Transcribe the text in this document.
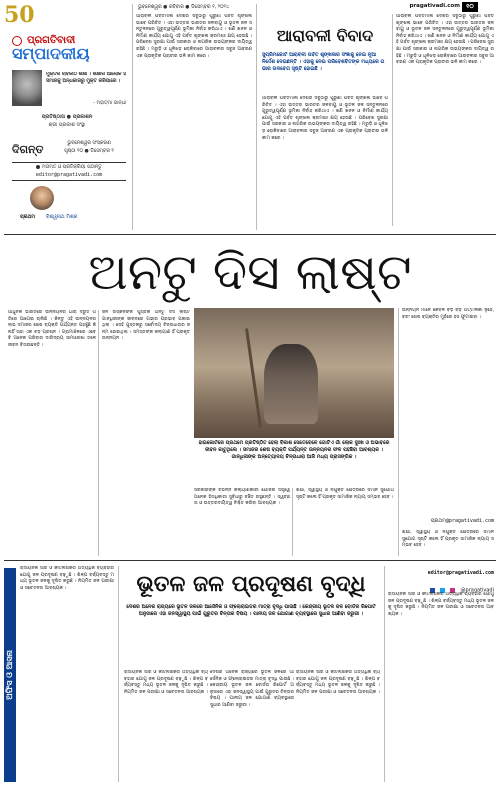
50
ପ୍ରଗତିବାଦୀ
ସମ୍ପାଦକୀୟ
ମୁକ୍ତିର ଚାବିକାଠି ଶିକ୍ଷା । ଶିକ୍ଷାର ଆଲୋକ ହିଁ ସମାଜକୁ ଅନ୍ଧକାରରୁ ମୁକ୍ତ କରିପାରେ ।
- ମହାତ୍ମା ଗାନ୍ଧୀ
ପ୍ରତିଷ୍ଠାତା ● ପ୍ରକାଶନ
ଶ୍ରୀ ପ୍ରକାଶ ସଂସ୍ଥା
ଦିଗନ୍ତ	ଭୁବନେଶ୍ୱର ସଂସ୍କରଣ
ପୃଷ୍ଠା ୧୦ ● ଡିସେମ୍ବର ୧
ମତାମତ ଓ ପ୍ରତିକ୍ରିୟା ପଠାନ୍ତୁ
editor@pragativadi.com
ପ୍ରଥମ	ବିଶ୍ୱନାଥ ମିଶ୍ର
ଭୁବନେଶ୍ୱର ● ରବିବାର ● ଡିସେମ୍ବର ୧, ୨୦୨୪
ଆରାବଳୀ ପର୍ବତମାଳା ଦେଶର ସବୁଠାରୁ ପୁରୁଣା ପର୍ବତ ଶୃଙ୍ଖଳା ଭାବେ ପରିଚିତ । ଏହା ଉତ୍ତର ଭାରତର ଜଳବାୟୁ ଓ ଭୂତଳ ଜଳ ସନ୍ତୁଳନରେ ଗୁରୁତ୍ୱପୂର୍ଣ୍ଣ ଭୂମିକା ନିର୍ବାହ କରିଥାଏ । ଖଣି ଖନନ ଓ ନିର୍ମାଣ କାର୍ଯ୍ୟ ଯୋଗୁ ଏହି ପର୍ବତ ଶୃଙ୍ଖଳା କ୍ରମଶଃ କ୍ଷୟ ହେଉଛି । ପରିବେଶ ସୁରକ୍ଷା ପାଇଁ ସରକାର ଓ ନାଗରିକ ଉଭୟଙ୍କର ଦାୟିତ୍ୱ ରହିଛି । ମରୁଡ଼ି ଓ ଧୂଳିଝଡ଼ ରୋକିବାରେ ଆରାବଳୀର ସବୁଜ ଆବରଣ ଏକ ପ୍ରାକୃତିକ ପ୍ରାଚୀର ଭଳି କାମ କରେ ।
୧୦
pragativadi.com
ଆରାବଳୀ ବିବାଦ
ସୁପ୍ରିମକୋର୍ଟ ଆରାବଳୀ ପର୍ବତ ଶୃଙ୍ଖଳାର ସଂଜ୍ଞାକୁ ନେଇ ନୂଆ ନିର୍ଦ୍ଦେଶ ଦେଇଛନ୍ତି । ଏହାକୁ ନେଇ ପରିବେଶବିତଙ୍କ ମଧ୍ୟରେ ଗଭୀର ଉଦବେଗ ସୃଷ୍ଟି ହୋଇଛି ।
ଆରାବଳୀ ପର୍ବତମାଳା ଦେଶର ସବୁଠାରୁ ପୁରୁଣା ପର୍ବତ ଶୃଙ୍ଖଳା ଭାବେ ପରିଚିତ । ଏହା ଉତ୍ତର ଭାରତର ଜଳବାୟୁ ଓ ଭୂତଳ ଜଳ ସନ୍ତୁଳନରେ ଗୁରୁତ୍ୱପୂର୍ଣ୍ଣ ଭୂମିକା ନିର୍ବାହ କରିଥାଏ । ଖଣି ଖନନ ଓ ନିର୍ମାଣ କାର୍ଯ୍ୟ ଯୋଗୁ ଏହି ପର୍ବତ ଶୃଙ୍ଖଳା କ୍ରମଶଃ କ୍ଷୟ ହେଉଛି । ପରିବେଶ ସୁରକ୍ଷା ପାଇଁ ସରକାର ଓ ନାଗରିକ ଉଭୟଙ୍କର ଦାୟିତ୍ୱ ରହିଛି । ମରୁଡ଼ି ଓ ଧୂଳିଝଡ଼ ରୋକିବାରେ ଆରାବଳୀର ସବୁଜ ଆବରଣ ଏକ ପ୍ରାକୃତିକ ପ୍ରାଚୀର ଭଳି କାମ କରେ ।
ଆରାବଳୀ ପର୍ବତମାଳା ଦେଶର ସବୁଠାରୁ ପୁରୁଣା ପର୍ବତ ଶୃଙ୍ଖଳା ଭାବେ ପରିଚିତ । ଏହା ଉତ୍ତର ଭାରତର ଜଳବାୟୁ ଓ ଭୂତଳ ଜଳ ସନ୍ତୁଳନରେ ଗୁରୁତ୍ୱପୂର୍ଣ୍ଣ ଭୂମିକା ନିର୍ବାହ କରିଥାଏ । ଖଣି ଖନନ ଓ ନିର୍ମାଣ କାର୍ଯ୍ୟ ଯୋଗୁ ଏହି ପର୍ବତ ଶୃଙ୍ଖଳା କ୍ରମଶଃ କ୍ଷୟ ହେଉଛି । ପରିବେଶ ସୁରକ୍ଷା ପାଇଁ ସରକାର ଓ ନାଗରିକ ଉଭୟଙ୍କର ଦାୟିତ୍ୱ ରହିଛି । ମରୁଡ଼ି ଓ ଧୂଳିଝଡ଼ ରୋକିବାରେ ଆରାବଳୀର ସବୁଜ ଆବରଣ ଏକ ପ୍ରାକୃତିକ ପ୍ରାଚୀର ଭଳି କାମ କରେ ।
ଅନଟୁ ଦିସ ଲାଷ୍ଟ
ଆଧୁନିକ ଭାରତରେ ଉନ୍ନୟନର ଧାରା ଦ୍ରୁତ ଗତିରେ ଆଗେଇ ଚାଲିଛି । କିନ୍ତୁ ଏହି ଉନ୍ନୟନର ଲାଭ ସମାଜର ଶେଷ ବ୍ୟକ୍ତି ପର୍ଯ୍ୟନ୍ତ ପହଞ୍ଚୁଛି କି ନାହିଁ ତାହା ଏକ ବଡ଼ ପ୍ରଶ୍ନ । ଗ୍ରାମାଞ୍ଚଳରେ ଏବେ ବି ଅନେକ ପରିବାର ଦାରିଦ୍ର୍ୟ ସୀମାରେଖା ତଳେ ଜୀବନ ବିତାଉଛନ୍ତି ।
ଜନ ରସ୍କିନଙ୍କ ପୁସ୍ତକ ଅନଟୁ ଦିସ ଲାଷ୍ଟ ଗାନ୍ଧିଜୀଙ୍କ ଜୀବନରେ ଗଭୀର ପ୍ରଭାବ ପକାଇଥିଲା । ସେହି ପୁସ୍ତକରୁ ସର୍ବୋଦୟ ଚିନ୍ତାଧାରାର ଜନ୍ମ ହୋଇଥିଲା । ସମସ୍ତଙ୍କ କଲ୍ୟାଣ ହିଁ ପ୍ରକୃତ ଉନ୍ନୟନ ।
ହାଇକୋର୍ଟରେ ପ୍ରଥମେ ପ୍ରତିଷ୍ଠିତ ହେଲା ବିକାଶ ସେତେବେଳେ ଗୋଟିଏ ଗାଁ ଲୋକ ଦୁଃଖ ଓ ଅଭାବରେ ଜୀବନ କାଟୁଥିଲେ । ସମାଜର ଶେଷ ବ୍ୟକ୍ତି ପର୍ଯ୍ୟନ୍ତ ଉନ୍ନୟନର ଫଳ ପହଞ୍ଚିବା ଆବଶ୍ୟକ । ଗାନ୍ଧିଜୀଙ୍କ ଅନ୍ତ୍ୟୋଦୟ ଚିନ୍ତାଧାରା ଆଜି ମଧ୍ୟ ପ୍ରାସଙ୍ଗିକ ।
ସରକାରଙ୍କ ବିଭିନ୍ନ କଲ୍ୟାଣକାରୀ ଯୋଜନା ସତ୍ତ୍ୱେ ଅନେକ ହିତାଧିକାରୀ ସୁବିଧାରୁ ବଞ୍ଚିତ ରହୁଛନ୍ତି । ସ୍ୱଚ୍ଛତା ଓ ଉତ୍ତରଦାୟିତ୍ୱ ନିଶ୍ଚିତ କରିବା ଆବଶ୍ୟକ ।
ଶିକ୍ଷା, ସ୍ୱାସ୍ଥ୍ୟ ଓ ନିଯୁକ୍ତି କ୍ଷେତ୍ରରେ ସମାନ ସୁଯୋଗ ସୃଷ୍ଟି କଲେ ହିଁ ପ୍ରକୃତ ସାମାଜିକ ନ୍ୟାୟ ସମ୍ଭବ ହେବ ।
ଉନ୍ନୟନ ମାନେ କେବଳ ବଡ଼ ବଡ଼ ଅଟ୍ଟାଳିକା ନୁହେଁ, ବରଂ ଶେଷ ବ୍ୟକ୍ତିର ମୁହଁରେ ହସ ଫୁଟାଇବା ।
ପ୍ରଥମ@pragativadi.com
ଶିକ୍ଷା, ସ୍ୱାସ୍ଥ୍ୟ ଓ ନିଯୁକ୍ତି କ୍ଷେତ୍ରରେ ସମାନ ସୁଯୋଗ ସୃଷ୍ଟି କଲେ ହିଁ ପ୍ରକୃତ ସାମାଜିକ ନ୍ୟାୟ ସମ୍ଭବ ହେବ ।
ଅଫିସ ଓ ଆସନା
ରାସାୟନିକ ସାର ଓ କୀଟନାଶକର ଅତ୍ୟଧିକ ବ୍ୟବହାର ଯୋଗୁ ଜଳ ପ୍ରଦୂଷଣ ବଢ଼ୁଛି । ଶିଳ୍ପ ବର୍ଜ୍ୟବସ୍ତୁ ମଧ୍ୟ ଭୂତଳ ଜଳକୁ ଦୂଷିତ କରୁଛି । ନିୟମିତ ଜଳ ପରୀକ୍ଷା ଓ ସଚେତନତା ଆବଶ୍ୟକ ।	ଭୂତଳ ଜଳ ପ୍ରଦୂଷଣ ବୃଦ୍ଧି
ଦେଶର ଅନେକ ରାଜ୍ୟରେ ଭୂତଳ ଜଳରେ ଆର୍ସେନିକ ଓ ଫ୍ଲୋରାଇଡର ମାତ୍ରା ବୃଦ୍ଧି ପାଉଛି । କେନ୍ଦ୍ରୀୟ ଭୂତଳ ଜଳ ବୋର୍ଡର ରିପୋର୍ଟ ଅନୁସାରେ ଏହା ଜନସ୍ୱାସ୍ଥ୍ୟ ପାଇଁ ଗୁରୁତର ଚିନ୍ତାର ବିଷୟ । ପାନୀୟ ଜଳ ଯୋଗାଣ ବ୍ୟବସ୍ଥାରେ ସୁଧାର ଆଣିବା ଜରୁରୀ ।
ରାସାୟନିକ ସାର ଓ କୀଟନାଶକର ଅତ୍ୟଧିକ ବ୍ୟବହାର ଯୋଗୁ ଜଳ ପ୍ରଦୂଷଣ ବଢ଼ୁଛି । ଶିଳ୍ପ ବର୍ଜ୍ୟବସ୍ତୁ ମଧ୍ୟ ଭୂତଳ ଜଳକୁ ଦୂଷିତ କରୁଛି । ନିୟମିତ ଜଳ ପରୀକ୍ଷା ଓ ସଚେତନତା ଆବଶ୍ୟକ ।
ଦେଶର ଅନେକ ରାଜ୍ୟରେ ଭୂତଳ ଜଳରେ ଆର୍ସେନିକ ଓ ଫ୍ଲୋରାଇଡର ମାତ୍ରା ବୃଦ୍ଧି ପାଉଛି । କେନ୍ଦ୍ରୀୟ ଭୂତଳ ଜଳ ବୋର୍ଡର ରିପୋର୍ଟ ଅନୁସାରେ ଏହା ଜନସ୍ୱାସ୍ଥ୍ୟ ପାଇଁ ଗୁରୁତର ଚିନ୍ତାର ବିଷୟ । ପାନୀୟ ଜଳ ଯୋଗାଣ ବ୍ୟବସ୍ଥାରେ ସୁଧାର ଆଣିବା ଜରୁରୀ ।
ରାସାୟନିକ ସାର ଓ କୀଟନାଶକର ଅତ୍ୟଧିକ ବ୍ୟବହାର ଯୋଗୁ ଜଳ ପ୍ରଦୂଷଣ ବଢ଼ୁଛି । ଶିଳ୍ପ ବର୍ଜ୍ୟବସ୍ତୁ ମଧ୍ୟ ଭୂତଳ ଜଳକୁ ଦୂଷିତ କରୁଛି । ନିୟମିତ ଜଳ ପରୀକ୍ଷା ଓ ସଚେତନତା ଆବଶ୍ୟକ ।
editor@pragativadi.com
@pragativadi
ରାସାୟନିକ ସାର ଓ କୀଟନାଶକର ଅତ୍ୟଧିକ ବ୍ୟବହାର ଯୋଗୁ ଜଳ ପ୍ରଦୂଷଣ ବଢ଼ୁଛି । ଶିଳ୍ପ ବର୍ଜ୍ୟବସ୍ତୁ ମଧ୍ୟ ଭୂତଳ ଜଳକୁ ଦୂଷିତ କରୁଛି । ନିୟମିତ ଜଳ ପରୀକ୍ଷା ଓ ସଚେତନତା ଆବଶ୍ୟକ ।
